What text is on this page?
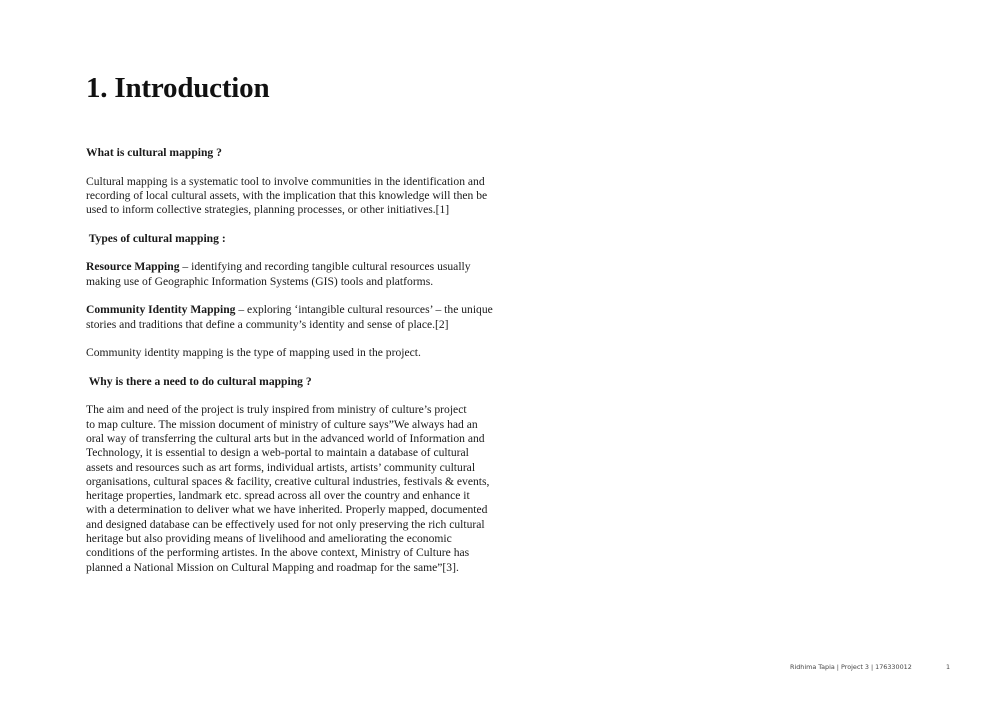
1. Introduction
What is cultural mapping ?

Cultural mapping is a systematic tool to involve communities in the identification and
recording of local cultural assets, with the implication that this knowledge will then be
used to inform collective strategies, planning processes, or other initiatives.[1]

Types of cultural mapping :

Resource Mapping – identifying and recording tangible cultural resources usually
making use of Geographic Information Systems (GIS) tools and platforms.

Community Identity Mapping – exploring ‘intangible cultural resources’ – the unique
stories and traditions that define a community’s identity and sense of place.[2]

Community identity mapping is the type of mapping used in the project.

Why is there a need to do cultural mapping ?

The aim and need of the project is truly inspired from ministry of culture’s project
to map culture. The mission document of ministry of culture says”We always had an
oral way of transferring the cultural arts but in the advanced world of Information and
Technology, it is essential to design a web-portal to maintain a database of cultural
assets and resources such as art forms, individual artists, artists’ community cultural
organisations, cultural spaces & facility, creative cultural industries, festivals & events,
heritage properties, landmark etc. spread across all over the country and enhance it
with a determination to deliver what we have inherited. Properly mapped, documented
and designed database can be effectively used for not only preserving the rich cultural
heritage but also providing means of livelihood and ameliorating the economic
conditions of the performing artistes. In the above context, Ministry of Culture has
planned a National Mission on Cultural Mapping and roadmap for the same”[3].

Ridhima Tapia | Project 3 | 176330012	1
